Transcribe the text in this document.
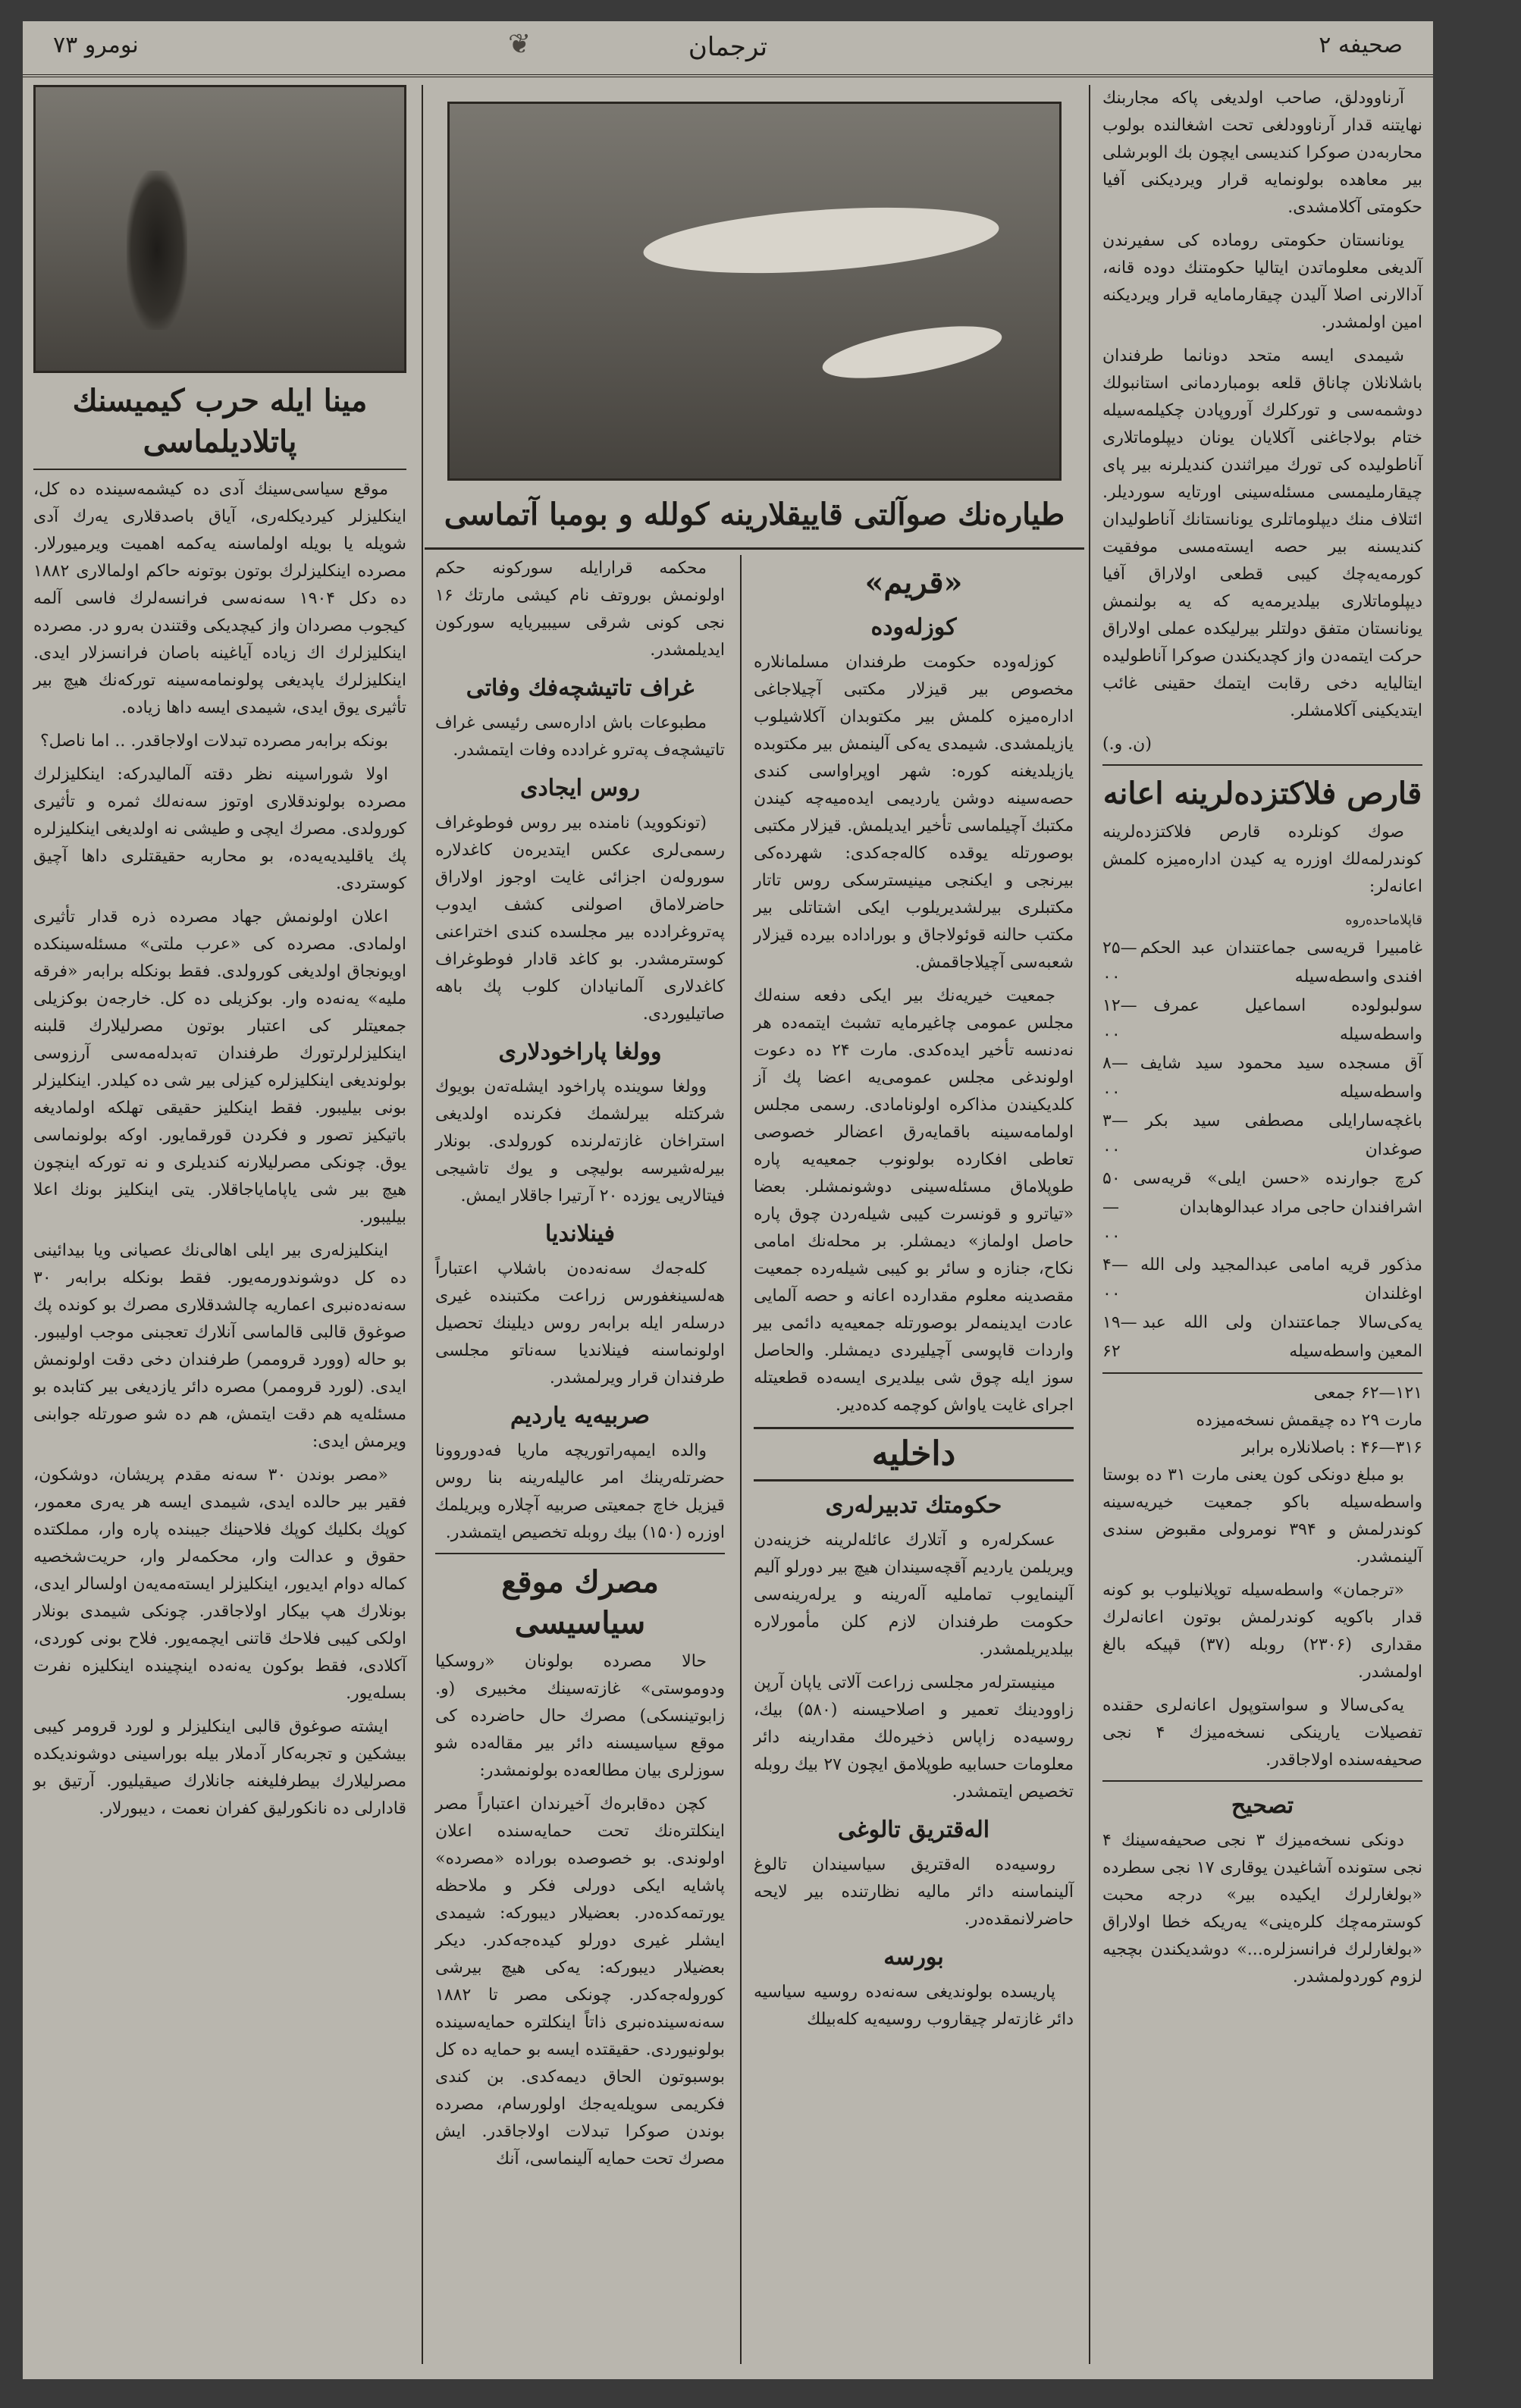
صحیفه ۲
❦	ترجمان
نومرو ۷۳

آرناوودلق، صاحب اولدیغی پاکه مجاربنك نهایتنه قدار آرناوودلغی تحت اشغالنده بولوب محاربه‌دن صوکرا کندیسی ایچون بك الوبرشلی بیر معاهده بولونمایه قرار ویردیکنی آفیا حکومتی آکلامشدی.

یونانستان حکومتی رومادە کی سفیرندن آلدیغی معلوماتدن ایتالیا حکومتنك دوده قانه، آدالارنی اصلا آلیدن چیقارمامایه قرار ویردیکنه امین اولمشدر.

شیمدی ایسه متحد دونانما طرفندان باشلانلان چاناق قلعه بومباردمانی استانبولك دوشمه‌سی و تورکلرك آوروپادن چکیلمه‌سیله ختام بولاجاغنی آکلایان یونان دیپلوماتلاری آناطولیده کی تورك میراثندن کندیلرنه بیر پای چیقارملیمسی مسئله‌سینی اورتایه سوردیلر. ائتلاف منك دیپلوماتلری یونانستانك آناطولیدان کندیسنه بیر حصه ایسته‌مسی موفقیت کورمه‌یه‌چك کیبی قطعی اولاراق آفیا دیپلوماتلاری بیلدیرمه‌یه که یه بولنمش یونانستان متفق دولتلر بیرلیکده عملی اولاراق حرکت ایتمه‌دن واز کچدیکندن صوکرا آناطولیده ایتالیایه دخی رقابت ایتمك حقینی غائب ایتدیکینی آکلامشلر.

(ن. و.)
قارص فلاکتزده‌لرینه اعانه

صوك کونلرده قارص فلاکتزده‌لرینه کوندرلمەلك اوزره یه کیدن ادارەمیزه کلمش اعانه‌لر:

قاپلاماحدەروە
غامبیرا قریه‌سی جماعتندان عبد الحکم افندی واسطه‌سیله
۲۵—۰۰
سولبولوده اسماعیل عمرف واسطه‌سیله
۱۲—۰۰
آق مسجده سید محمود سید شایف واسطه‌سیله
۸—۰۰
باغچه‌سارایلی مصطفی سید بکر صوغدان
۳—۰۰
کرچ جوارنده «حسن ایلی» قریه‌سی اشرافندان حاجی مراد عبدالوهابدان
۵۰—۰۰
مذکور قریه امامی عبدالمجید ولی الله اوغلندان
۴—۰۰
یه‌کی‌سالا جماعتندان ولی الله عبد المعین واسطه‌سیله
۱۹—۶۲
۱۲۱—۶۲ جمعی
مارت ۲۹ ده چیقمش نسخه‌میزده
۳۱۶—۴۶ : باصلانلاره برابر

بو مبلغ دونکی کون یعنی مارت ۳۱ ده بوستا واسطه‌سیله باکو جمعیت خیریه‌سینه کوندرلمش و ۳۹۴ نومرولی مقبوض سندی آلینمشدر.

«ترجمان» واسطه‌سیله توپلانیلوب بو کونه قدار باکویه کوندرلمش بوتون اعانه‌لرك مقداری (۲۳۰۶) روبله (۳۷) قپیکه بالغ اولمشدر.

یه‌کی‌سالا و سواستوپول اعانه‌لری حقنده تفصیلات یارینکی نسخه‌میزك ۴ نجی صحیفه‌سنده اولاجاقدر.

تصحیح

دونکی نسخه‌میزك ۳ نجی صحیفه‌سینك ۴ نجی ستونده آشاغیدن یوقاری ۱۷ نجی سطرده «بولغارلرك ایکیده بیر» درجه محبت کوسترمه‌چك کلره‌ینی» یه‌ریکه خطا اولاراق «بولغارلرك فرانسزلره...» دوشدیکندن بچجیه لزوم کوردولمشدر.

طیاره‌نك صوآلتی قاییقلارینه کولله و بومبا آتماسی
«قریم»
کوزله‌وده

کوزله‌وده حکومت طرفندان مسلمانلاره مخصوص بیر قیزلار مکتبی آچیلاجاغی ادارەمیزه کلمش بیر مکتوبدان آکلاشیلوب یازیلمشدی. شیمدی یه‌کی آلینمش بیر مکتوبده یازیلدیغنه کوره: شهر اوپراواسی کندی حصه‌سینه دوشن یاردیمی ایده‌میه‌چه کیندن مکتبك آچیلماسی تأخیر ایدیلمش. قیزلار مکتبی بوصورتله یوقده کالەجه‌کدی: شهرده‌کی بیرنجی و ایکنجی مینیسترسکی روس تاتار مکتبلری بیرلشدیریلوب ایکی اشتاتلی بیر مکتب حالنه قوئولاجاق و بوراداده بیرده قیزلار شعبه‌سی آچیلاجاقمش.

جمعیت خیریه‌نك بیر ایکی دفعه سنه‌لك مجلس عمومی چاغیرمایه تشبث ایتمەده هر نەدنسه تأخیر ایده‌کدی. مارت ۲۴ ده دعوت اولوندغی مجلس عمومی‌یه اعضا پك آز کلدیکیندن مذاکره اولونامادی. رسمی مجلس اولمامەسینه باقمایەرق اعضالر خصوصی تعاطی افکارده بولونوب جمعیه‌یه پاره طوپلاماق مسئله‌سینی دوشونمشلر. بعضا «تیاترو و قونسرت کیبی شیلەردن چوق پاره حاصل اولماز» دیمشلر. بر محلەنك امامی نکاح، جنازه و سائر بو کیبی شیلەرده جمعیت مقصدینه معلوم مقدارده اعانه و حصه آلمایی عادت ایدینمەلر بوصورتله جمعیه‌یه دائمی بیر واردات قاپوسی آچیلیردی دیمشلر. والحاصل سوز ایله چوق شی بیلدیری ایسه‌ده قطعیتله اجرای غایت یاواش کوچمه کده‌دیر.

داخلیه
حکومتك تدبیرلەری

عسکرلەره و آتلارك عائله‌لرینه خزینه‌دن ویریلمن یاردیم آقچه‌سیندان هیچ بیر دورلو آلیم آلینمایوب تماملیه آلەرینه و یرلەرینه‌سی حکومت طرفندان لازم کلن مأمورلاره بیلدیریلمشدر.

مینیسترلەر مجلسی زراعت آلاتی یاپان آرپن زاوودینك تعمیر و اصلاحیسنه (۵۸۰) بیك، روسیه‌ده زاپاس ذخیره‌لك مقدارینه دائر معلومات حسابیه طوپلامق ایچون ۲۷ بیك روبله تخصیص ایتمشدر.

الەقتریق تالوغی

روسیه‌ده الەقتریق سیاسیندان تالوغ آلینماسنه دائر مالیه نظارتنده بیر لایحه حاضرلانمقده‌در.

بورسه

پاریسده بولوندیغی سەنەده روسیه سیاسیه دائر غازته‌لر چیقاروب روسیه‌یه کلەبیلك

محکمه قرارایله سورکونه حکم اولونمش بوروتف نام کیشی مارتك ۱۶ نجی کونی شرقی سیبیریایه سورکون ایدیلمشدر.

غراف تاتیشچه‌فك وفاتی

مطبوعات باش ادارەسی رئیسی غراف تاتیشچه‌ف پەترو غرادده وفات ایتمشدر.

روس ایجادی

(تونکووید) نامنده بیر روس فوطوغراف رسمی‌لری عکس ایتدیرەن کاغدلاره سورولەن اجزائی غایت اوجوز اولاراق حاضرلاماق اصولنی کشف ایدوب پەتروغرادده بیر مجلسده کندی اختراعنی کوسترمشدر. بو کاغد قادار فوطوغراف کاغدلاری آلمانیادان کلوب پك باهه صاتیلیوردی.

وولغا پاراخودلاری

وولغا سوینده پاراخود ایشلەتەن بویوك شرکتله بیرلشمك فکرنده اولدیغی استراخان غازته‌لرنده کورولدی. بونلار بیرلەشیرسه بولیچی و یوك تاشیجی فیتالاریی یوزده ۲۰ آرتیرا جاقلار ایمش.

فینلاندیا

کلەجەك سەنەدەن باشلاپ اعتباراً هەلسینغفورس زراعت مکتبنده غیری درسلەر ایله برابەر روس دیلینك تحصیل اولونماسنه فینلاندیا سەناتو مجلسی طرفندان قرار ویرلمشدر.

صربیه‌یه یاردیم

والدە ایمپەراتوریچه ماریا فەدوروونا حضرتلەرینك امر عالیلەرینه بنا روس قیزیل خاچ جمعیتی صربیه آچلاره ویریلمك اوزره (۱۵۰) بیك روبله تخصیص ایتمشدر.

مصرك موقع سیاسیسی

حالا مصرده بولونان «روسکیا ودوموستی» غازته‌سینك مخبیری (و. زابوتینسکی) مصرك حال حاضرده کی موقع سیاسیسنه دائر بیر مقاله‌ده شو سوزلری بیان مطالعه‌ده بولونمشدر:

کچن دەقابرەك آخیرندان اعتباراً مصر اینکلتره‌نك تحت حمایه‌سنده اعلان اولوندی. بو خصوصده بوراده «مصرده» پاشایه ایکی دورلی فکر و ملاحظه یورتمه‌کده‌در. بعضیلار دیبورکه: شیمدی ایشلر غیری دورلو کیدەجه‌کدر. دیکر بعضیلار دیبورکه: یه‌کی هیچ بیرشی کوروله‌جه‌کدر. چونکی مصر تا ۱۸۸۲ سەنەسیندەنبری ذاتاً اینکلتره حمایه‌سینده بولونیوردی. حقیقتده ایسه بو حمایه ده کل بوسبوتون الحاق دیمه‌کدی. بن کندی فکریمی سویلەیه‌جك اولورسام، مصرده بوندن صوکرا تبدلات اولاجاقدر. ایش مصرك تحت حمایه آلینماسی، آنك

مینا ایله حرب کیمیسنك پاتلادیلماسی

موقع سیاسی‌سینك آدی ده کیشمه‌سینده ده کل، اینکلیزلر کیردیکلەری، آیاق باصدقلاری یەرك آدی شویله یا بویله اولماسنه یه‌کمه اهمیت ویرمیورلار. مصرده اینکلیزلرك بوتون بوتونه حاکم اولمالاری ۱۸۸۲ ده دکل ۱۹۰۴ سەنەسی فرانسەلرك فاسی آلمه کیجوب مصردان واز کیچدیکی وقتندن بەرو در. مصرده اینکلیزلرك اك زیاده آیاغینه باصان فرانسزلار ایدی. اینکلیزلرك یاپدیغی پولونمامه‌سینه تورکه‌نك هیچ بیر تأثیری یوق ایدی، شیمدی ایسه داها زیاده.

بونکه برابەر مصرده تبدلات اولاجاقدر. .. اما ناصل؟

اولا شوراسینه نظر دقته آلمالیدرکه: اینکلیزلرك مصرده بولوندقلاری اوتوز سەنه‌لك ثمره و تأثیری کورولدی. مصرك ایچی و طیشی نه اولدیغی اینکلیزلره پك یاقلیدیه‌یه‌ده، بو محاربه حقیقتلری داها آچیق کوستردی.

اعلان اولونمش جهاد مصرده ذره قدار تأثیری اولمادی. مصرده کی «عرب ملتی» مسئله‌سینکده اویونجاق اولدیغی کورولدی. فقط بونکله برابەر «فرقه ملیه» یەنه‌ده وار. بوکزیلی ده کل. خارجەن بوکزیلی جمعیتلر کی اعتبار بوتون مصرلیلارك قلبنه اینکلیزلرلرتورك طرفندان تەبدلەمه‌سی آرزوسی بولوندیغی اینکلیزلره کیزلی بیر شی ده کیلدر. اینکلیزلر بونی بیلیبور. فقط اینکلیز حقیقی تهلکه اولمادیغه باتیکیز تصور و فکردن قورقمایور. اوکه بولونماسی یوق. چونکی مصرلیلارنه کندیلری و نه تورکه اینچون هیچ بیر شی یاپامایاجاقلار. یتی اینکلیز بونك اعلا بیلیبور.

اینکلیزلەری بیر ایلی اهالی‌نك عصیانی ویا بیدائینی ده کل دوشوندورمەیور. فقط بونکله برابەر ۳۰ سەنەده‌نبری اعماریه چالشدقلاری مصرك بو کونده پك صوغوق قالبی قالماسی آنلارك تعجبنی موجب اولیبور. بو حاله (وورد قروممر) طرفندان دخی دقت اولونمش ایدی. (لورد قروممر) مصره دائر یازدیغی بیر کتابده بو مسئله‌یه هم دقت ایتمش، هم ده شو صورتله جوابنی ویرمش ایدی:

«مصر بوندن ۳۰ سەنه مقدم پریشان، دوشکون، فقیر بیر حالده ایدی، شیمدی ایسه هر یەری معمور، کوپك بکلیك کوپك فلاحینك جیبنده پاره وار، مملکتده حقوق و عدالت وار، محکمه‌لر وار، حریت‌شخصیه کماله دوام ایدیور، اینکلیزلر ایسته‌مەیەن اولسالر ایدی، بونلارك هپ بیکار اولاجاقدر. چونکی شیمدی بونلار اولکی کیبی فلاحك قاتنی ایچمەیور. فلاح بونی کوردی، آکلادی، فقط بوکون یه‌نه‌ده اینچینده اینکلیزه نفرت بسله‌یور.

ایشته صوغوق قالبی اینکلیزلر و لورد قرومر کیبی بیشکین و تجربه‌کار آدملار بیله بوراسینی دوشوندیکده مصرلیلارك بیطرفلیغنه جانلارك صیقیلیور. آرتیق بو قادارلی ده نانکورلیق کفران نعمت ، دیبورلار.
